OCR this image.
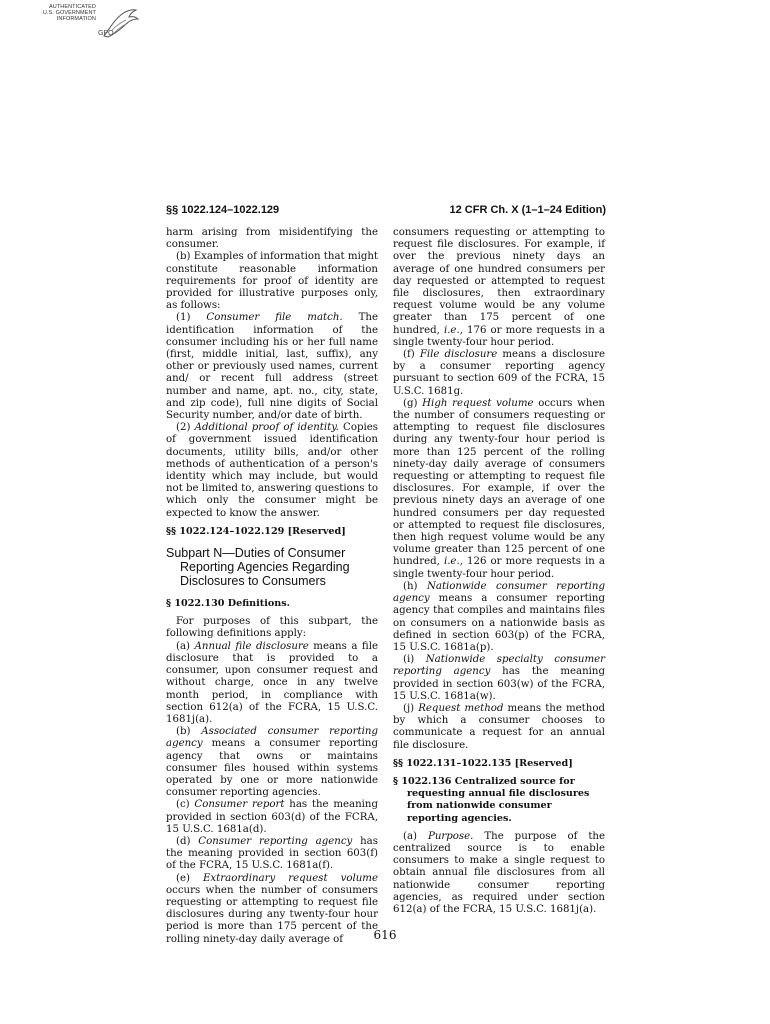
AUTHENTICATED
U.S. GOVERNMENT
INFORMATION
GPO
§§ 1022.124–1022.129	12 CFR Ch. X (1–1–24 Edition)

harm arising from misidentifying the consumer.

(b) Examples of information that might constitute reasonable information requirements for proof of identity are provided for illustrative purposes only, as follows:

(1) Consumer file match. The identification information of the consumer including his or her full name (first, middle initial, last, suffix), any other or previously used names, current and/ or recent full address (street number and name, apt. no., city, state, and zip code), full nine digits of Social Security number, and/or date of birth.

(2) Additional proof of identity. Copies of government issued identification documents, utility bills, and/or other methods of authentication of a person's identity which may include, but would not be limited to, answering questions to which only the consumer might be expected to know the answer.

§§ 1022.124–1022.129 [Reserved]

Subpart N—Duties of Consumer Reporting Agencies Regarding Disclosures to Consumers

§ 1022.130 Definitions.

For purposes of this subpart, the following definitions apply:

(a) Annual file disclosure means a file disclosure that is provided to a consumer, upon consumer request and without charge, once in any twelve month period, in compliance with section 612(a) of the FCRA, 15 U.S.C. 1681j(a).

(b) Associated consumer reporting agency means a consumer reporting agency that owns or maintains consumer files housed within systems operated by one or more nationwide consumer reporting agencies.

(c) Consumer report has the meaning provided in section 603(d) of the FCRA, 15 U.S.C. 1681a(d).

(d) Consumer reporting agency has the meaning provided in section 603(f) of the FCRA, 15 U.S.C. 1681a(f).

(e) Extraordinary request volume occurs when the number of consumers requesting or attempting to request file disclosures during any twenty-four hour period is more than 175 percent of the rolling ninety-day daily average of

consumers requesting or attempting to request file disclosures. For example, if over the previous ninety days an average of one hundred consumers per day requested or attempted to request file disclosures, then extraordinary request volume would be any volume greater than 175 percent of one hundred, i.e., 176 or more requests in a single twenty-four hour period.

(f) File disclosure means a disclosure by a consumer reporting agency pursuant to section 609 of the FCRA, 15 U.S.C. 1681g.

(g) High request volume occurs when the number of consumers requesting or attempting to request file disclosures during any twenty-four hour period is more than 125 percent of the rolling ninety-day daily average of consumers requesting or attempting to request file disclosures. For example, if over the previous ninety days an average of one hundred consumers per day requested or attempted to request file disclosures, then high request volume would be any volume greater than 125 percent of one hundred, i.e., 126 or more requests in a single twenty-four hour period.

(h) Nationwide consumer reporting agency means a consumer reporting agency that compiles and maintains files on consumers on a nationwide basis as defined in section 603(p) of the FCRA, 15 U.S.C. 1681a(p).

(i) Nationwide specialty consumer reporting agency has the meaning provided in section 603(w) of the FCRA, 15 U.S.C. 1681a(w).

(j) Request method means the method by which a consumer chooses to communicate a request for an annual file disclosure.

§§ 1022.131–1022.135 [Reserved]

§ 1022.136 Centralized source for requesting annual file disclosures from nationwide consumer reporting agencies.

(a) Purpose. The purpose of the centralized source is to enable consumers to make a single request to obtain annual file disclosures from all nationwide consumer reporting agencies, as required under section 612(a) of the FCRA, 15 U.S.C. 1681j(a).

616
